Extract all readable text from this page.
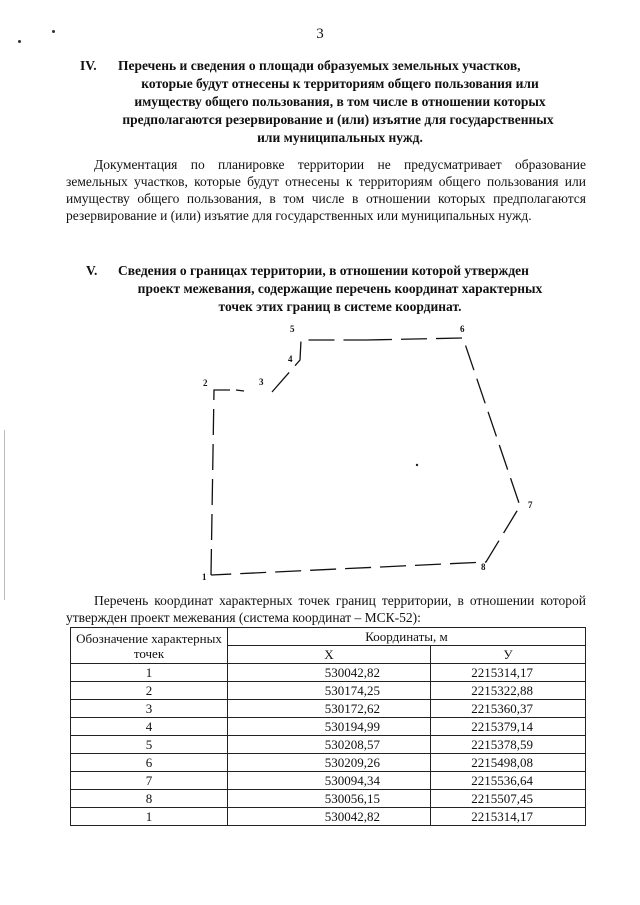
3
IV. Перечень и сведения о площади образуемых земельных участков,
которые будут отнесены к территориям общего пользования или
имуществу общего пользования, в том числе в отношении которых
предполагаются резервирование и (или) изъятие для государственных
или муниципальных нужд.
Документация по планировке территории не предусматривает образование земельных участков, которые будут отнесены к территориям общего пользования или имуществу общего пользования, в том числе в отношении которых предполагаются резервирование и (или) изъятие для государственных или муниципальных нужд.
V. Сведения о границах территории, в отношении которой утвержден
проект межевания, содержащие перечень координат характерных
точек этих границ в системе координат.
1
2	3
4
5	6
7
8
Перечень координат характерных точек границ территории, в отношении которой утвержден проект межевания (система координат – МСК-52):
Обозначение характерных точек	Координаты, м	
	X	У
1	530042,82	2215314,17
2	530174,25	2215322,88
3	530172,62	2215360,37
4	530194,99	2215379,14
5	530208,57	2215378,59
6	530209,26	2215498,08
7	530094,34	2215536,64
8	530056,15	2215507,45
1	530042,82	2215314,17
